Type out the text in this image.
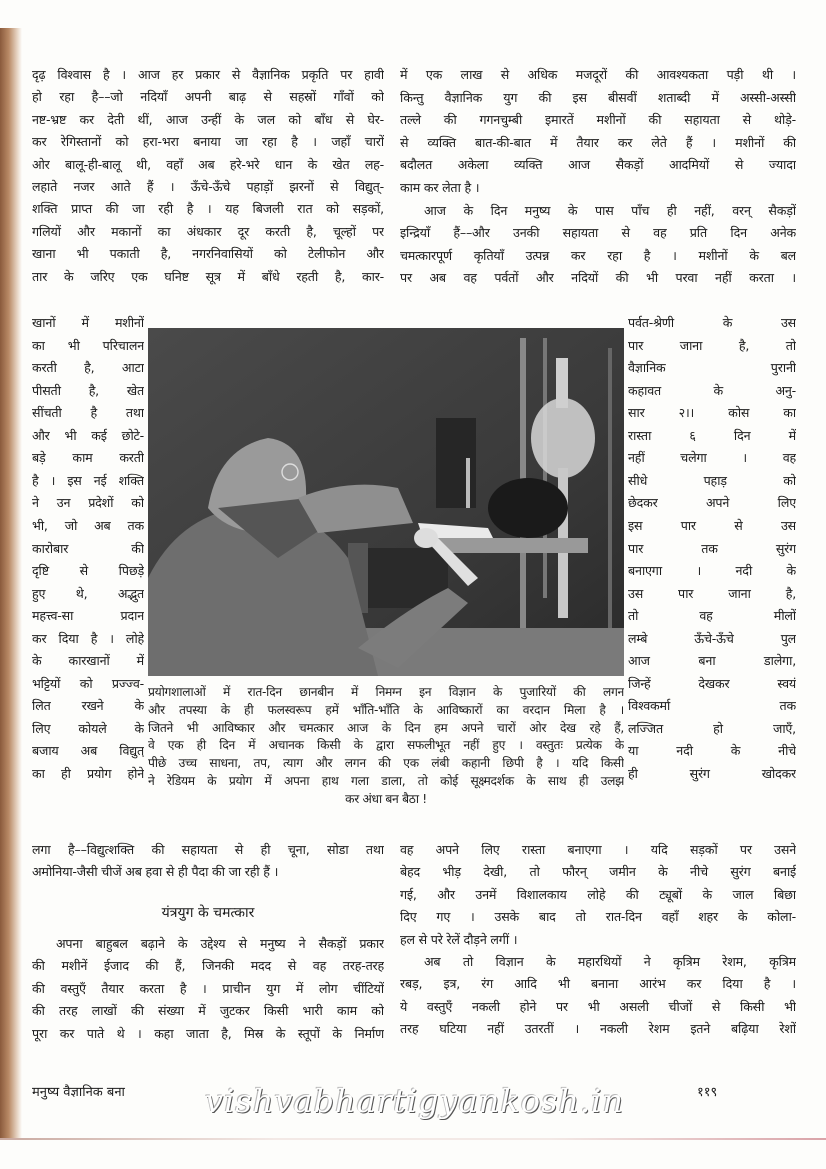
दृढ़ विश्वास है । आज हर प्रकार से वैज्ञानिक प्रकृति पर हावी
हो रहा है––जो नदियाँ अपनी बाढ़ से सहस्रों गाँवों को
नष्ट-भ्रष्ट कर देती थीं, आज उन्हीं के जल को बाँध से घेर-
कर रेगिस्तानों को हरा-भरा बनाया जा रहा है । जहाँ चारों
ओर बालू-ही-बालू थी, वहाँ अब हरे-भरे धान के खेत लह-
लहाते नजर आते हैं । ऊँचे-ऊँचे पहाड़ों झरनों से विद्युत्-
शक्ति प्राप्त की जा रही है । यह बिजली रात को सड़कों,
गलियों और मकानों का अंधकार दूर करती है, चूल्हों पर
खाना भी पकाती है, नगरनिवासियों को टेलीफोन और
तार के जरिए एक घनिष्ट सूत्र में बाँधे रहती है, कार-
खानों में मशीनों
का भी परिचालन
करती है, आटा
पीसती है, खेत
सींचती है तथा
और भी कई छोटे-
बड़े काम करती
है । इस नई शक्ति
ने उन प्रदेशों को
भी, जो अब तक
कारोबार की
दृष्टि से पिछड़े
हुए थे, अद्भुत
महत्त्व-सा प्रदान
कर दिया है । लोहे
के कारखानों में
भट्टियों को प्रज्ज्व-
लित रखने के
लिए कोयले के
बजाय अब विद्युत्
का ही प्रयोग होने
लगा है––विद्युत्शक्ति की सहायता से ही चूना, सोडा तथा
अमोनिया-जैसी चीजें अब हवा से ही पैदा की जा रही हैं ।
यंत्रयुग के चमत्कार
अपना बाहुबल बढ़ाने के उद्देश्य से मनुष्य ने सैकड़ों प्रकार
की मशीनें ईजाद की हैं, जिनकी मदद से वह तरह-तरह
की वस्तुएँ तैयार करता है । प्राचीन युग में लोग चींटियों
की तरह लाखों की संख्या में जुटकर किसी भारी काम को
पूरा कर पाते थे । कहा जाता है, मिस्र के स्तूपों के निर्माण
में एक लाख से अधिक मजदूरों की आवश्यकता पड़ी थी ।
किन्तु वैज्ञानिक युग की इस बीसवीं शताब्दी में अस्सी-अस्सी
तल्ले की गगनचुम्बी इमारतें मशीनों की सहायता से थोड़े-
से व्यक्ति बात-की-बात में तैयार कर लेते हैं । मशीनों की
बदौलत अकेला व्यक्ति आज सैकड़ों आदमियों से ज्यादा
काम कर लेता है ।
आज के दिन मनुष्य के पास पाँच ही नहीं, वरन् सैकड़ों
इन्द्रियाँ हैं––और उनकी सहायता से वह प्रति दिन अनेक
चमत्कारपूर्ण कृतियाँ उत्पन्न कर रहा है । मशीनों के बल
पर अब वह पर्वतों और नदियों की भी परवा नहीं करता ।
पर्वत-श्रेणी के उस
पार जाना है, तो
वैज्ञानिक पुरानी
कहावत के अनु-
सार २।। कोस का
रास्ता ६ दिन में
नहीं चलेगा । वह
सीधे पहाड़ को
छेदकर अपने लिए
इस पार से उस
पार तक सुरंग
बनाएगा । नदी के
उस पार जाना है,
तो वह मीलों
लम्बे ऊँचे-ऊँचे पुल
आज बना डालेगा,
जिन्हें देखकर स्वयं
विश्वकर्मा तक
लज्जित हो जाएँ,
या नदी के नीचे
ही सुरंग खोदकर
वह अपने लिए रास्ता बनाएगा । यदि सड़कों पर उसने
बेहद भीड़ देखी, तो फौरन् जमीन के नीचे सुरंग बनाई
गई, और उनमें विशालकाय लोहे की ट्यूबों के जाल बिछा
दिए गए । उसके बाद तो रात-दिन वहाँ शहर के कोला-
हल से परे रेलें दौड़ने लगीं ।
अब तो विज्ञान के महारथियों ने कृत्रिम रेशम, कृत्रिम
रबड़, इत्र, रंग आदि भी बनाना आरंभ कर दिया है ।
ये वस्तुएँ नकली होने पर भी असली चीजों से किसी भी
तरह घटिया नहीं उतरतीं । नकली रेशम इतने बढ़िया रेशों
प्रयोगशालाओं में रात-दिन छानबीन में निमग्न इन विज्ञान के पुजारियों की लगन
और तपस्या के ही फलस्वरूप हमें भाँति-भाँति के आविष्कारों का वरदान मिला है ।
जितने भी आविष्कार और चमत्कार आज के दिन हम अपने चारों ओर देख रहे हैं,
वे एक ही दिन में अचानक किसी के द्वारा सफलीभूत नहीं हुए । वस्तुतः प्रत्येक के
पीछे उच्च साधना, तप, त्याग और लगन की एक लंबी कहानी छिपी है । यदि किसी
ने रेडियम के प्रयोग में अपना हाथ गला डाला, तो कोई सूक्ष्मदर्शक के साथ ही उलझ
कर अंधा बन बैठा !
मनुष्य वैज्ञानिक बना	vishvabhartigyankosh.in	११९
